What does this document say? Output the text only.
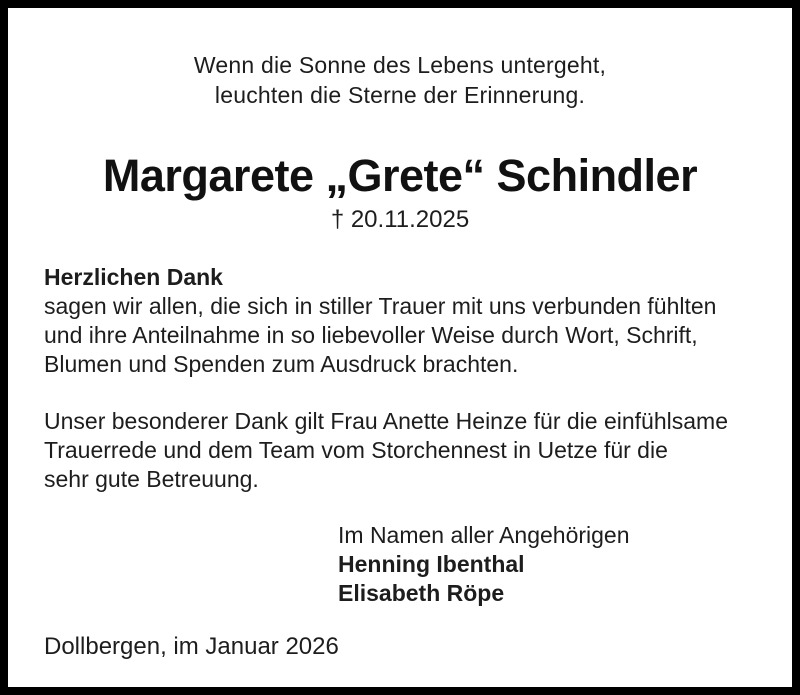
Wenn die Sonne des Lebens untergeht,
leuchten die Sterne der Erinnerung.
Margarete „Grete“ Schindler
† 20.11.2025
Herzlichen Dank
sagen wir allen, die sich in stiller Trauer mit uns verbunden fühlten
und ihre Anteilnahme in so liebevoller Weise durch Wort, Schrift,
Blumen und Spenden zum Ausdruck brachten.
Unser besonderer Dank gilt Frau Anette Heinze für die einfühlsame
Trauerrede und dem Team vom Storchennest in Uetze für die
sehr gute Betreuung.
Im Namen aller Angehörigen
Henning Ibenthal
Elisabeth Röpe
Dollbergen, im Januar 2026
